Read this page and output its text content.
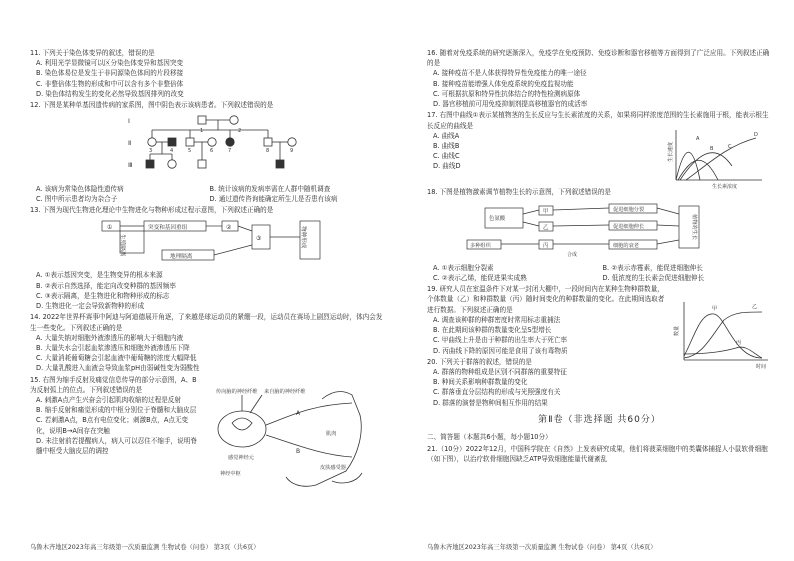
11. 下列关于染色体变异的叙述，错误的是

A. 利用光学显微镜可以区分染色体变异和基因突变

B. 染色体易位是发生于非同源染色体间的片段移接

C. 非整倍体生物的形成和中可以含有多个非整倍体

D. 染色体结构发生的变化必然导致基因排列的改变

12. 下图是某种单基因遗传病的家系图，图中阴色表示该病患者。下列叙述错误的是

Ⅰ
Ⅱ
Ⅲ
1	2
3	4	5	6	7	8	9
A. 该病为常染色体隐性遗传病	B. 统计该病的发病率需在人群中随机调查
C. 图中所示患者均为杂合子	D. 通过遗传咨询能确定所生儿是否患有该病

13. 下图为现代生物进化理论中生物进化与物种形成过程示意图，下列叙述正确的是

①	突变和基因重组	②
③
生殖隔离
地理隔离
物种形成

A. ①表示基因突变，是生物变异的根本来源

B. ②表示自然选择，能定向改变种群的基因频率

C. ③表示隔离，是生物进化和物种形成的标志

D. 生物进化一定会导致新物种的形成

14. 2022年世界杯赛事中阿迪与阿迪德展开角逐，了来越是球运动员的紧绷一段，运动员在赛场上剧烈运动时，体内会发生一些变化。下列叙述正确的是

A. 大量失钠对细胞外液渗透压的影响大于细胞内液

B. 大量失水会引起血浆渗透压和细胞外液渗透压下降

C. 大量消耗葡萄糖会引起血液中葡萄糖的浓度大幅降低

D. 大量乳酸进入血液会导致血浆pH由弱碱性变为弱酸性

15. 右图为缩手反射及痛觉信息传导的部分示意图，A、B为反射弧上的位点。下列叙述错误的是

A. 刺激A点产生兴奋会引起肌肉收缩的过程是反射

B. 缩手反射和痛觉形成的中枢分别位于脊髓和大脑皮层

C. 若刺激A点，B点有电位变化；刺激B点，A点无变化，说明B→A间存在突触

D. 未注射前若提醒病人，病人可以忍住不缩手，说明脊髓中枢受大脑皮层的调控

传向脑的神经纤维 来自脑的神经纤维
感觉神经元
神经中枢
肌肉
皮肤感受器
A
B
乌鲁木齐地区2023年高三年级第一次质量监测 生物试卷（问卷） 第3页（共6页）

16. 随着对免疫系统的研究逐渐深入，免疫学在免疫预防、免疫诊断和器官移植等方面得到了广泛应用。下列叙述正确的是

A. 接种疫苗不是人体获得特异性免疫能力的唯一途径

B. 接种疫苗能增强人体免疫系统的免疫监视功能

C. 可根据抗原和特异性抗体结合的特性检测病原体

D. 器官移植前可用免疫抑制剂提高移植器官的成活率

17. 右图中曲线①表示某植物茎的生长反应与生长素浓度的关系，如果将同样浓度范围的生长素施用于根，能表示根生长反应的曲线是

A. 曲线A

B. 曲线B

C. 曲线C

D. 曲线D

生长速度
生长素浓度
A
B	C
D

18. 下图是植物激素调节植物生长的示意图，下列叙述错误的是

色氨酸
甲
乙
丙
促进细胞分裂
促进细胞伸长
细胞的衰老
多种组织
合成
植物的生长
A. ①表示细胞分裂素	B. ②表示赤霉素，能促进细胞伸长
C. ②表示乙烯，能促进果实成熟	D. 低浓度的生长素会促进细胞伸长

19. 研究人员在室温条件下对某一封闭大棚中，一段时间内在某种生物种群数量，个体数量（乙）和种群数量（丙）随时间变化的种群数量的变化。在此期间选取者进行数据。下列叙述正确的是

A. 调查该种群的种群密度时常用标志重捕法

B. 在此期间该种群的数量变化呈S型增长

C. 甲曲线上升是由于种群的出生率大于死亡率

D. 丙曲线下降的原因可能是食用了该有毒物质

数量
时间
甲	乙
丙

20. 下列关于群落的叙述，错误的是

A. 群落的物种组成是区别不同群落的重要特征

B. 种间关系影响种群数量的变化

C. 群落垂直分层结构的形成与光照强度有关

D. 群落的演替是物种间相互作用的结果

第Ⅱ卷（非选择题 共60分）

二、简答题（本题共6小题，每小题10分）

21.（10分）2022年12月，中国科学院在《自然》上发表研究成果，他们将菠菜细胞中的类囊体捕捉人小鼠软骨细胞（如下图），以治疗软骨细胞因缺乏ATP导致细胞能量代谢紊乱

乌鲁木齐地区2023年高三年级第一次质量监测 生物试卷（问卷） 第4页（共6页）
